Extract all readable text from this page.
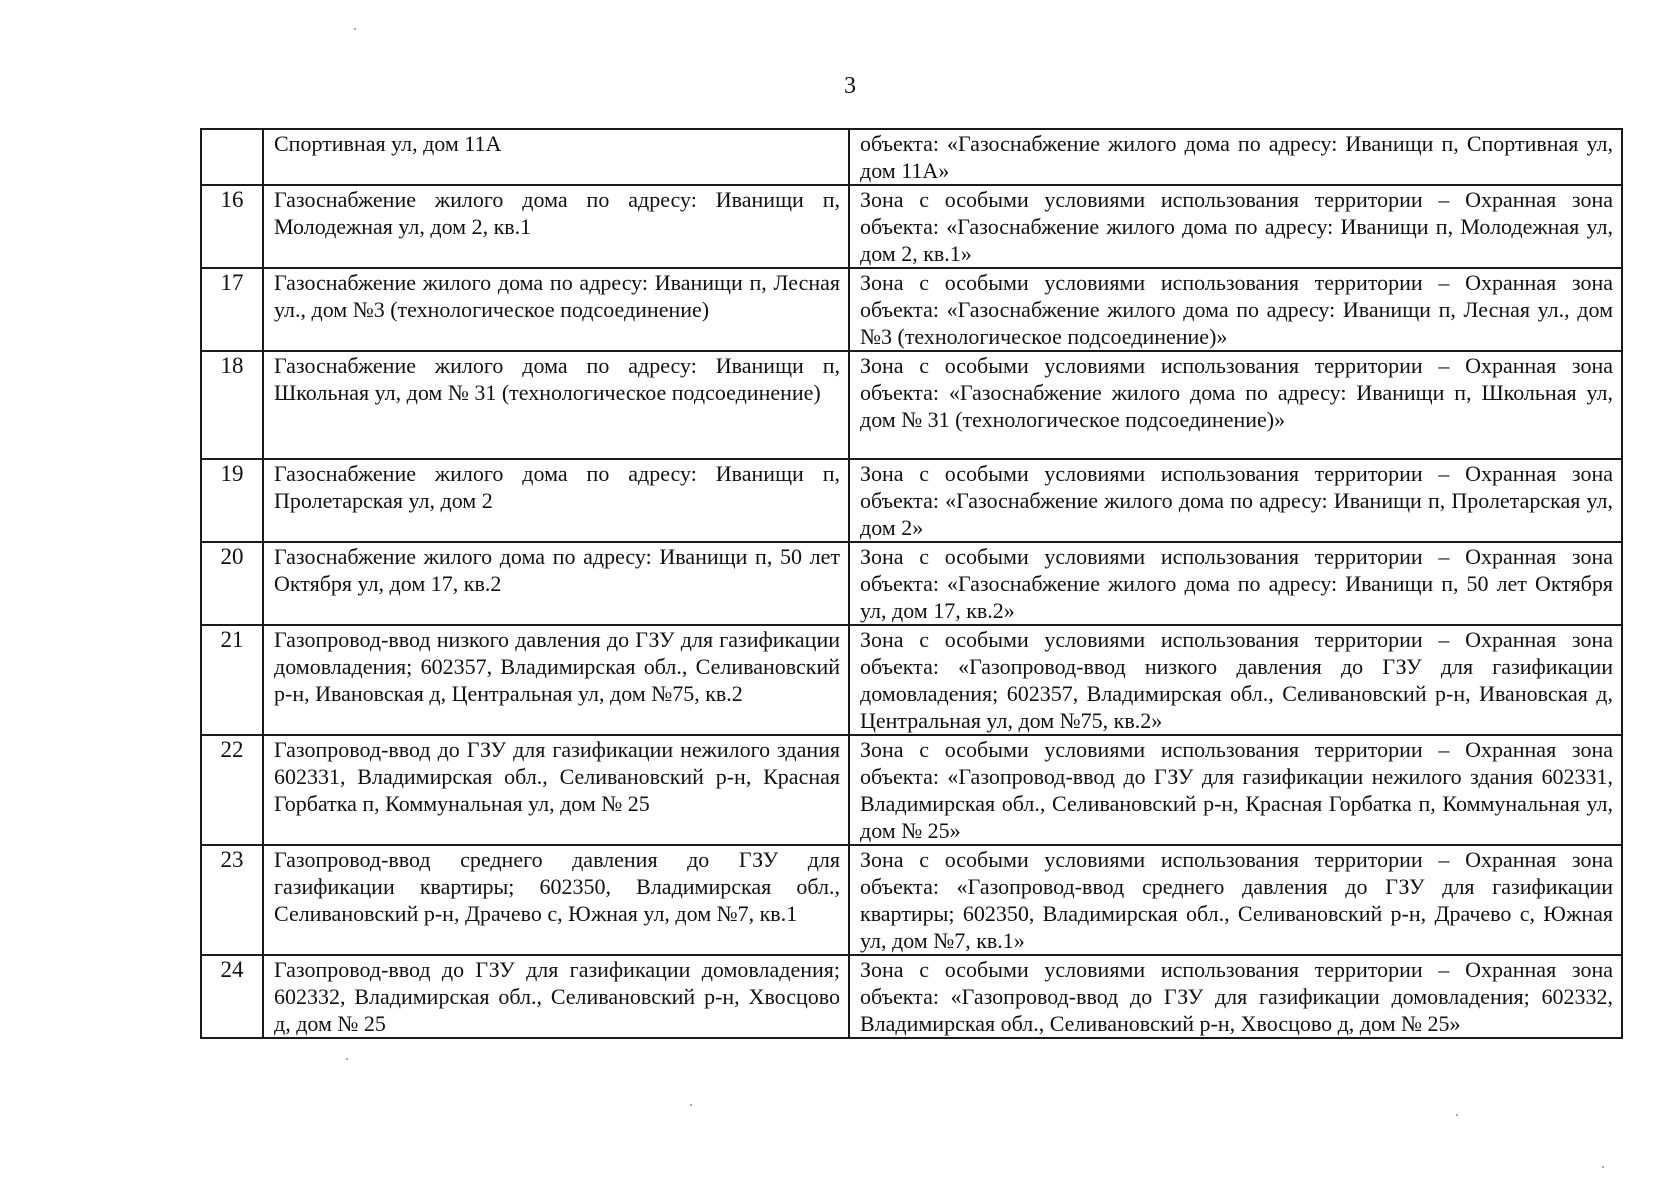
3
	Спортивная ул, дом 11А	объекта: «Газоснабжение жилого дома по адресу: Иванищи п, Спортивная ул, дом 11А»
16	Газоснабжение жилого дома по адресу: Иванищи п, Молодежная ул, дом 2, кв.1	Зона с особыми условиями использования территории – Охранная зона объекта: «Газоснабжение жилого дома по адресу: Иванищи п, Молодежная ул, дом 2, кв.1»
17	Газоснабжение жилого дома по адресу: Иванищи п, Лесная ул., дом №3 (технологическое подсоединение)	Зона с особыми условиями использования территории – Охранная зона объекта: «Газоснабжение жилого дома по адресу: Иванищи п, Лесная ул., дом №3 (технологическое подсоединение)»
18	Газоснабжение жилого дома по адресу: Иванищи п, Школьная ул, дом № 31 (технологическое подсоединение)	Зона с особыми условиями использования территории – Охранная зона объекта: «Газоснабжение жилого дома по адресу: Иванищи п, Школьная ул, дом № 31 (технологическое подсоединение)»
19	Газоснабжение жилого дома по адресу: Иванищи п, Пролетарская ул, дом 2	Зона с особыми условиями использования территории – Охранная зона объекта: «Газоснабжение жилого дома по адресу: Иванищи п, Пролетарская ул, дом 2»
20	Газоснабжение жилого дома по адресу: Иванищи п, 50 лет Октября ул, дом 17, кв.2	Зона с особыми условиями использования территории – Охранная зона объекта: «Газоснабжение жилого дома по адресу: Иванищи п, 50 лет Октября ул, дом 17, кв.2»
21	Газопровод-ввод низкого давления до ГЗУ для газификации домовладения; 602357, Владимирская обл., Селивановский р-н, Ивановская д, Центральная ул, дом №75, кв.2	Зона с особыми условиями использования территории – Охранная зона объекта: «Газопровод-ввод низкого давления до ГЗУ для газификации домовладения; 602357, Владимирская обл., Селивановский р-н, Ивановская д, Центральная ул, дом №75, кв.2»
22	Газопровод-ввод до ГЗУ для газификации нежилого здания 602331, Владимирская обл., Селивановский р-н, Красная Горбатка п, Коммунальная ул, дом № 25	Зона с особыми условиями использования территории – Охранная зона объекта: «Газопровод-ввод до ГЗУ для газификации нежилого здания 602331, Владимирская обл., Селивановский р-н, Красная Горбатка п, Коммунальная ул, дом № 25»
23	Газопровод-ввод среднего давления до ГЗУ для газификации квартиры; 602350, Владимирская обл., Селивановский р-н, Драчево с, Южная ул, дом №7, кв.1	Зона с особыми условиями использования территории – Охранная зона объекта: «Газопровод-ввод среднего давления до ГЗУ для газификации квартиры; 602350, Владимирская обл., Селивановский р-н, Драчево с, Южная ул, дом №7, кв.1»
24	Газопровод-ввод до ГЗУ для газификации домовладения; 602332, Владимирская обл., Селивановский р-н, Хвосцово д, дом № 25	Зона с особыми условиями использования территории – Охранная зона объекта: «Газопровод-ввод до ГЗУ для газификации домовладения; 602332, Владимирская обл., Селивановский р-н, Хвосцово д, дом № 25»
